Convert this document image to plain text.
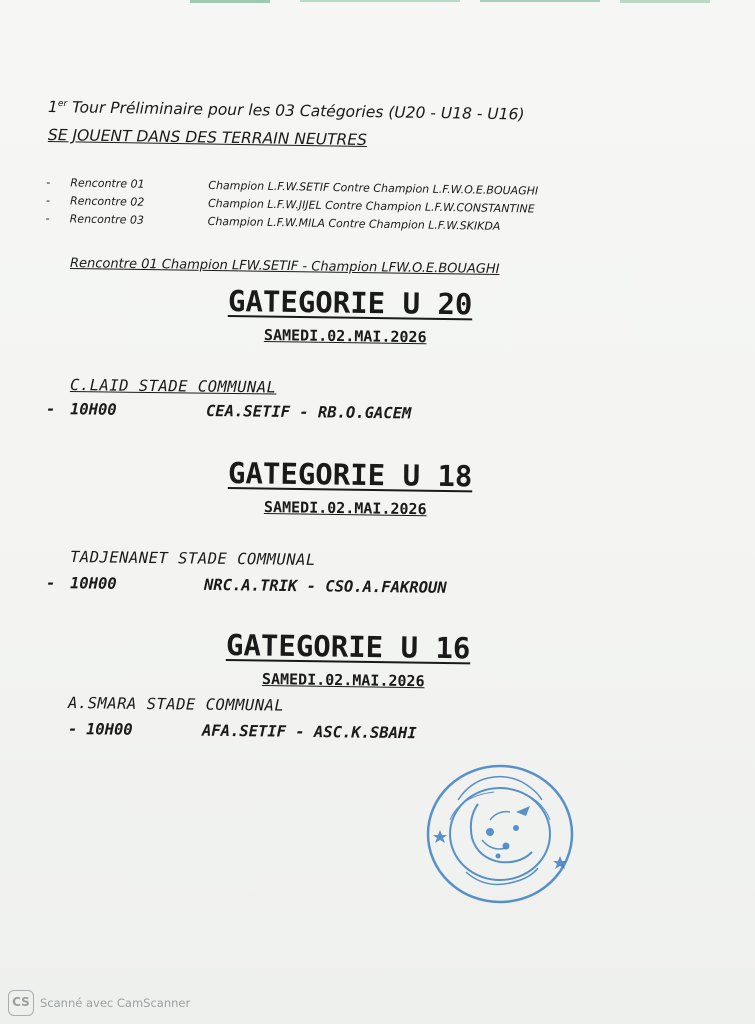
1er Tour Préliminaire pour les 03 Catégories (U20 - U18 - U16)
SE JOUENT DANS DES TERRAIN NEUTRES
- Rencontre 01	Champion L.F.W.SETIF Contre Champion L.F.W.O.E.BOUAGHI
- Rencontre 02	Champion L.F.W.JIJEL Contre Champion L.F.W.CONSTANTINE
- Rencontre 03	Champion L.F.W.MILA Contre Champion L.F.W.SKIKDA
Rencontre 01 Champion LFW.SETIF - Champion LFW.O.E.BOUAGHI
GATEGORIE U 20
SAMEDI.02.MAI.2026
C.LAID STADE COMMUNAL
- 10H00	CEA.SETIF - RB.O.GACEM
GATEGORIE U 18
SAMEDI.02.MAI.2026
TADJENANET STADE COMMUNAL
- 10H00	NRC.A.TRIK - CSO.A.FAKROUN
GATEGORIE U 16
SAMEDI.02.MAI.2026
A.SMARA STADE COMMUNAL
- 10H00	AFA.SETIF - ASC.K.SBAHI
CS Scanné avec CamScanner
